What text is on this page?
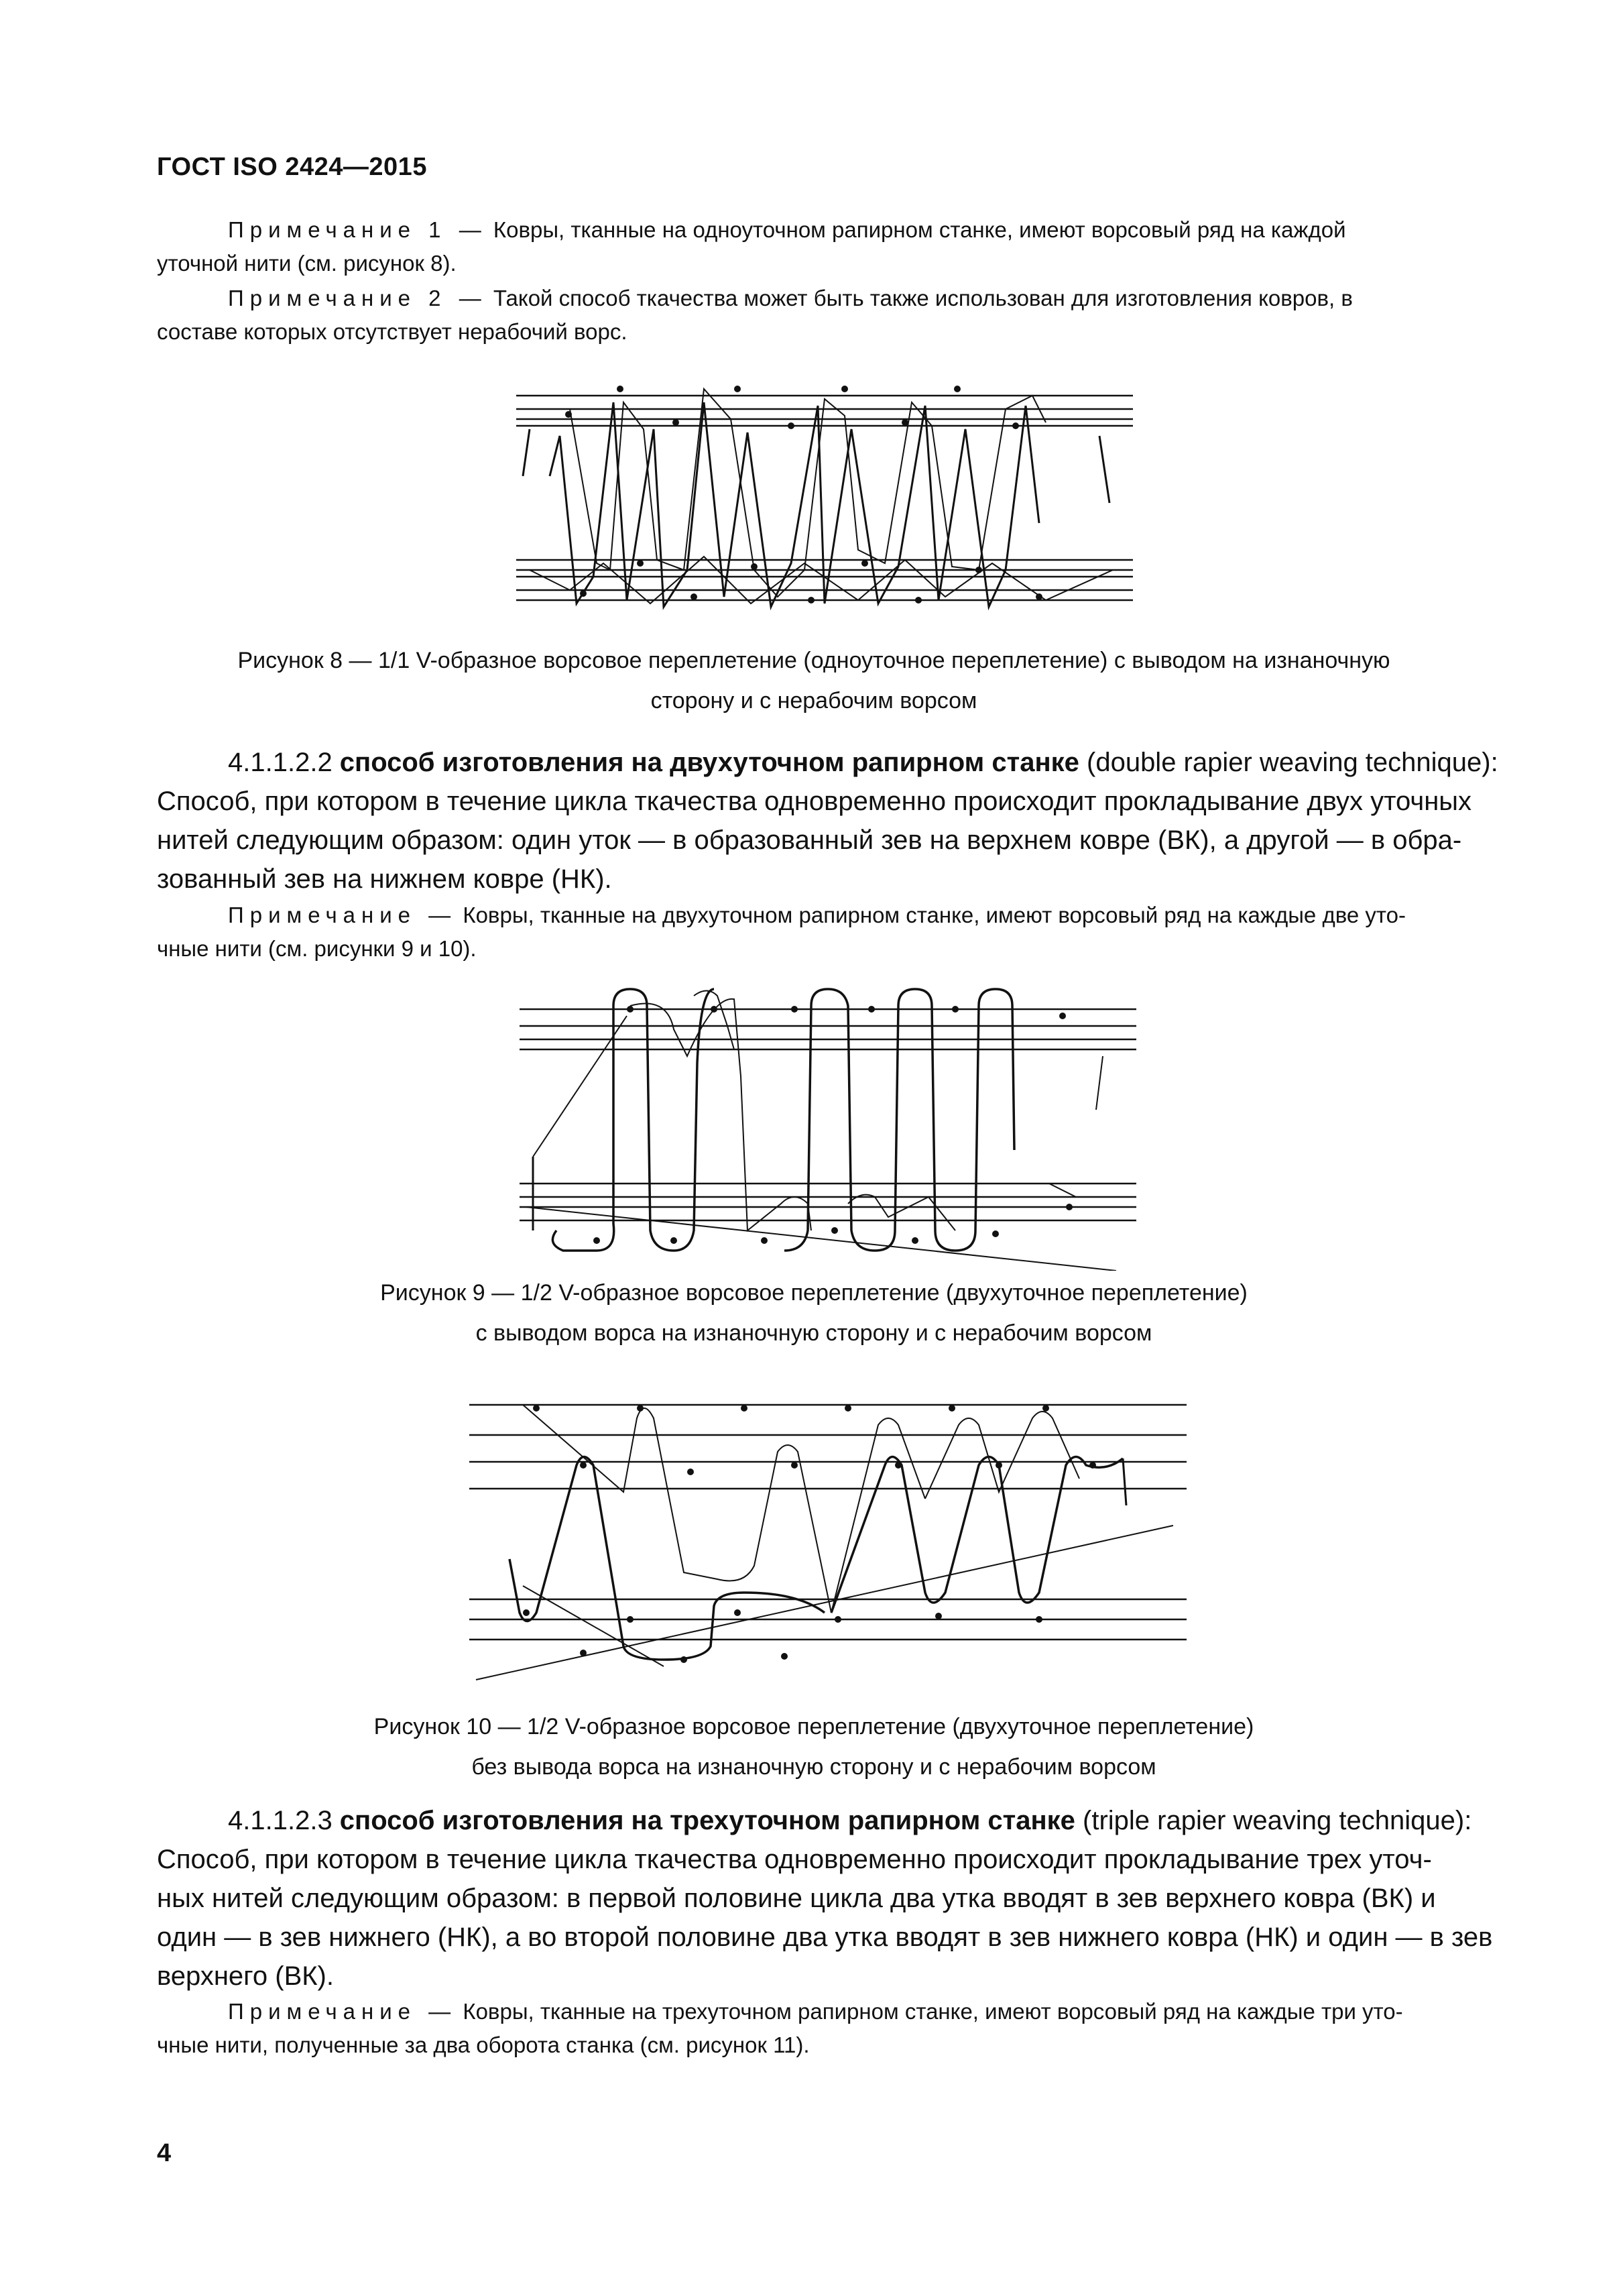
ГОСТ ISO 2424—2015
Примечание 1 — Ковры, тканные на одноуточном рапирном станке, имеют ворсовый ряд на каждой
уточной нити (см. рисунок 8).
Примечание 2 — Такой способ ткачества может быть также использован для изготовления ковров, в
составе которых отсутствует нерабочий ворс.
Рисунок 8 — 1/1 V-образное ворсовое переплетение (одноуточное переплетение) с выводом на изнаночную
сторону и с нерабочим ворсом
4.1.1.2.2 способ изготовления на двухуточном рапирном станке (double rapier weaving technique):
Способ, при котором в течение цикла ткачества одновременно происходит прокладывание двух уточных
нитей следующим образом: один уток — в образованный зев на верхнем ковре (ВК), а другой — в обра-
зованный зев на нижнем ковре (НК).
Примечание — Ковры, тканные на двухуточном рапирном станке, имеют ворсовый ряд на каждые две уто-
чные нити (см. рисунки 9 и 10).
Рисунок 9 — 1/2 V-образное ворсовое переплетение (двухуточное переплетение)
с выводом ворса на изнаночную сторону и с нерабочим ворсом
Рисунок 10 — 1/2 V-образное ворсовое переплетение (двухуточное переплетение)
без вывода ворса на изнаночную сторону и с нерабочим ворсом
4.1.1.2.3 способ изготовления на трехуточном рапирном станке (triple rapier weaving technique):
Способ, при котором в течение цикла ткачества одновременно происходит прокладывание трех уточ-
ных нитей следующим образом: в первой половине цикла два утка вводят в зев верхнего ковра (ВК) и
один — в зев нижнего (НК), а во второй половине два утка вводят в зев нижнего ковра (НК) и один — в зев
верхнего (ВК).
Примечание — Ковры, тканные на трехуточном рапирном станке, имеют ворсовый ряд на каждые три уто-
чные нити, полученные за два оборота станка (см. рисунок 11).
4
